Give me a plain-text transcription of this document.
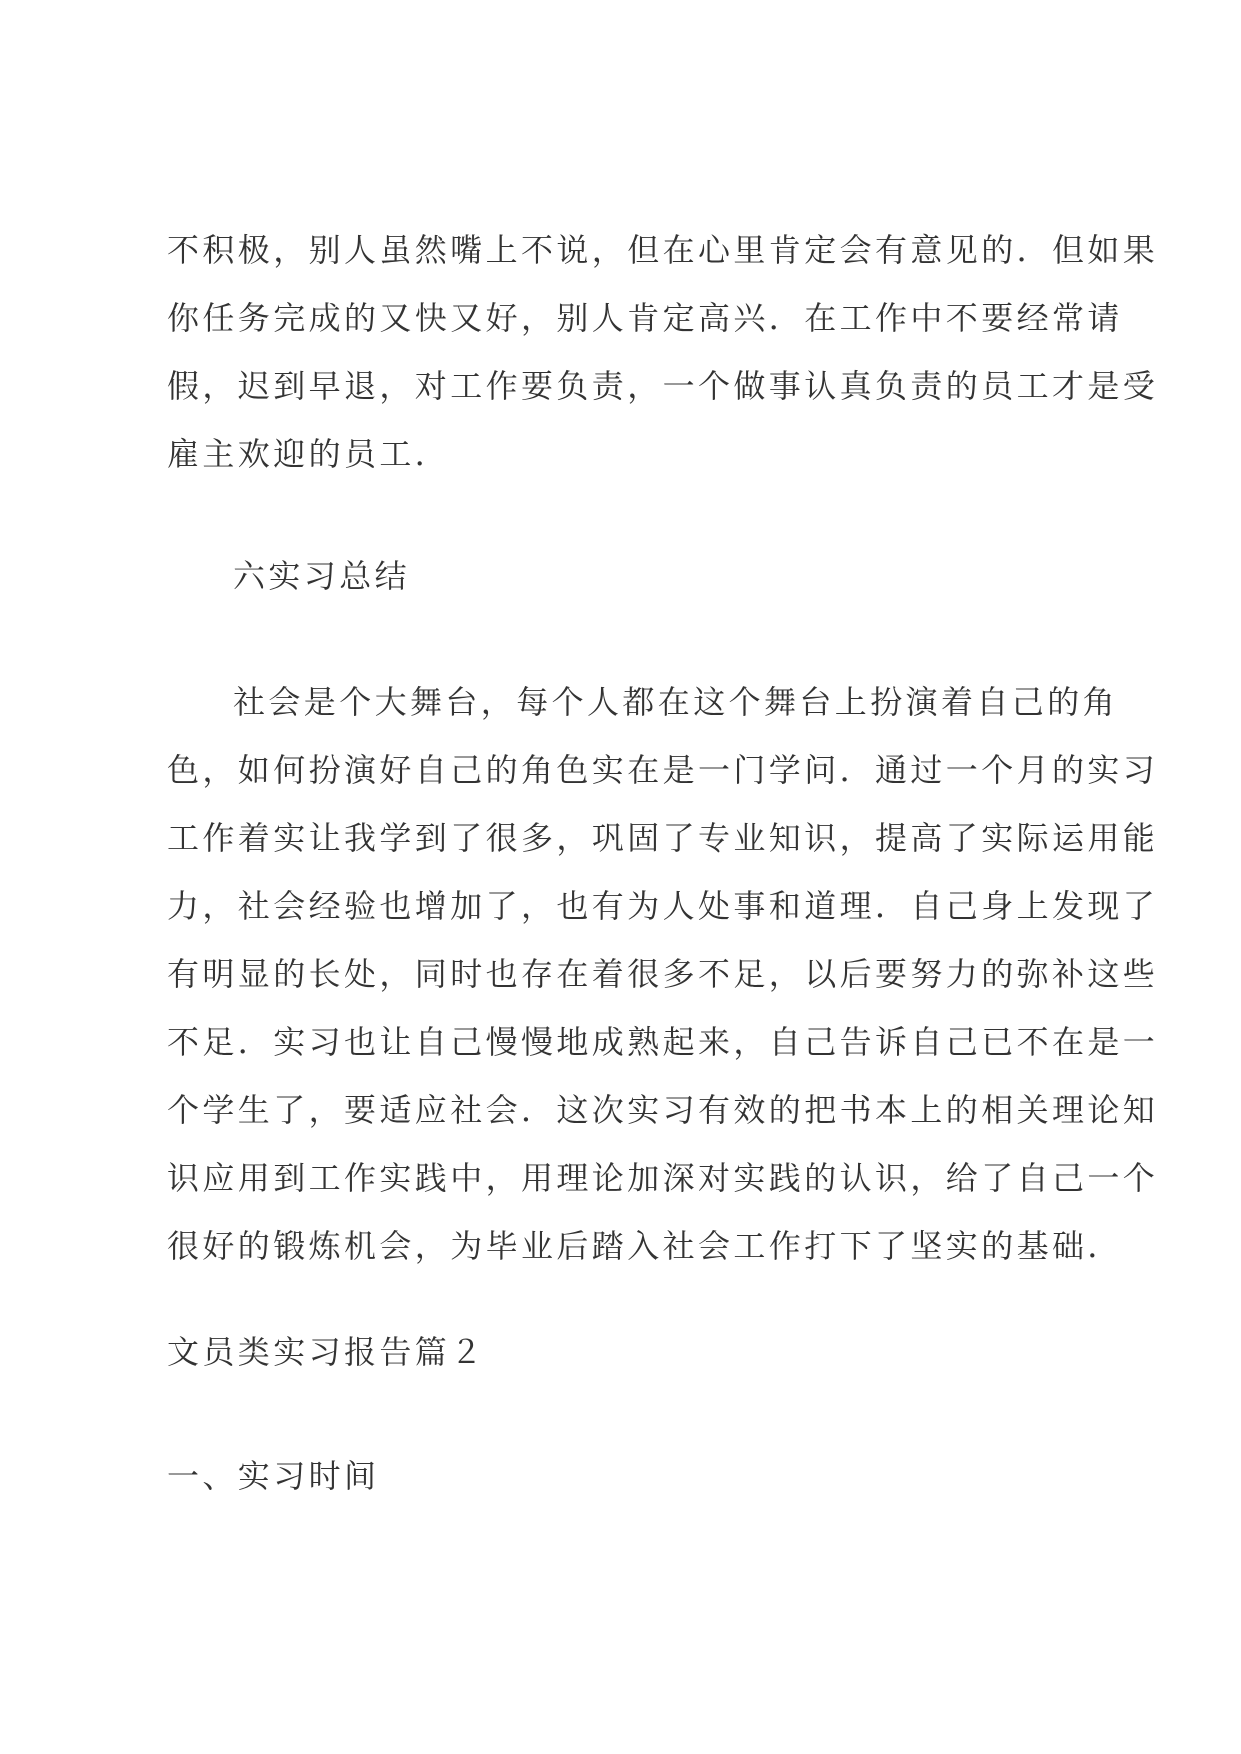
不积极，别人虽然嘴上不说，但在心里肯定会有意见的．但如果
你任务完成的又快又好，别人肯定高兴．在工作中不要经常请
假，迟到早退，对工作要负责，一个做事认真负责的员工才是受
雇主欢迎的员工．
六实习总结
社会是个大舞台，每个人都在这个舞台上扮演着自己的角
色，如何扮演好自己的角色实在是一门学问．通过一个月的实习
工作着实让我学到了很多，巩固了专业知识，提高了实际运用能
力，社会经验也增加了，也有为人处事和道理．自己身上发现了
有明显的长处，同时也存在着很多不足，以后要努力的弥补这些
不足．实习也让自己慢慢地成熟起来，自己告诉自己已不在是一
个学生了，要适应社会．这次实习有效的把书本上的相关理论知
识应用到工作实践中，用理论加深对实践的认识，给了自己一个
很好的锻炼机会，为毕业后踏入社会工作打下了坚实的基础．
文员类实习报告篇２
一、实习时间
